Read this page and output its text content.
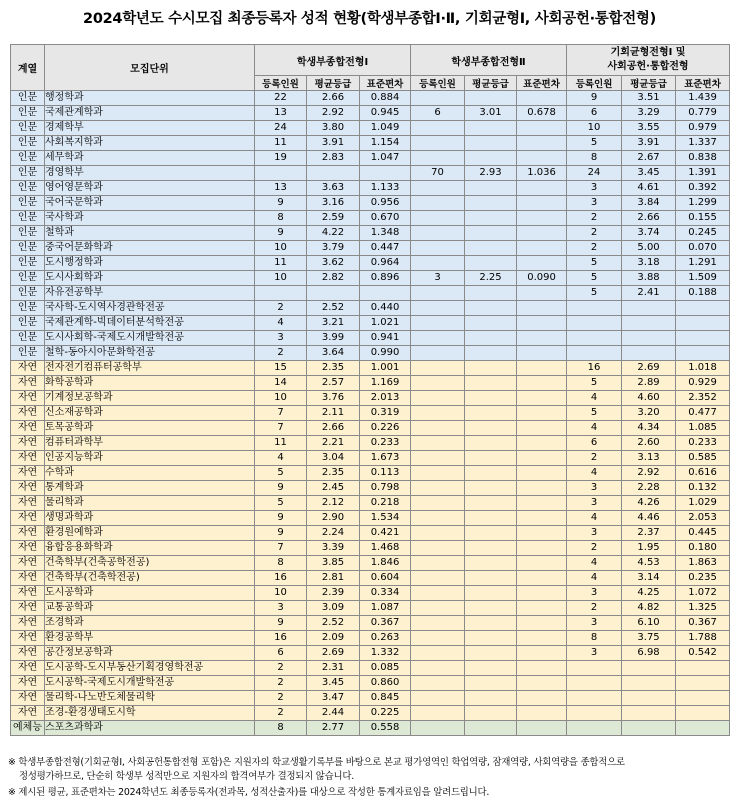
2024학년도 수시모집 최종등록자 성적 현황(학생부종합Ⅰ·Ⅱ, 기회균형Ⅰ, 사회공헌·통합전형)
계열	모집단위	학생부종합전형Ⅰ			학생부종합전형Ⅱ			기회균형전형Ⅰ 및
사회공헌·통합전형		

		등록인원	평균등급	표준편차	등록인원	평균등급	표준편차	등록인원	평균등급	표준편차
인문	행정학과	22	2.66	0.884				9	3.51	1.439
인문	국제관계학과	13	2.92	0.945	6	3.01	0.678	6	3.29	0.779
인문	경제학부	24	3.80	1.049				10	3.55	0.979
인문	사회복지학과	11	3.91	1.154				5	3.91	1.337
인문	세무학과	19	2.83	1.047				8	2.67	0.838
인문	경영학부				70	2.93	1.036	24	3.45	1.391
인문	영어영문학과	13	3.63	1.133				3	4.61	0.392
인문	국어국문학과	9	3.16	0.956				3	3.84	1.299
인문	국사학과	8	2.59	0.670				2	2.66	0.155
인문	철학과	9	4.22	1.348				2	3.74	0.245
인문	중국어문화학과	10	3.79	0.447				2	5.00	0.070
인문	도시행정학과	11	3.62	0.964				5	3.18	1.291
인문	도시사회학과	10	2.82	0.896	3	2.25	0.090	5	3.88	1.509
인문	자유전공학부							5	2.41	0.188
인문	국사학-도시역사경관학전공	2	2.52	0.440						
인문	국제관계학-빅데이터분석학전공	4	3.21	1.021						
인문	도시사회학-국제도시개발학전공	3	3.99	0.941						
인문	철학-동아시아문화학전공	2	3.64	0.990						
자연	전자전기컴퓨터공학부	15	2.35	1.001				16	2.69	1.018
자연	화학공학과	14	2.57	1.169				5	2.89	0.929
자연	기계정보공학과	10	3.76	2.013				4	4.60	2.352
자연	신소재공학과	7	2.11	0.319				5	3.20	0.477
자연	토목공학과	7	2.66	0.226				4	4.34	1.085
자연	컴퓨터과학부	11	2.21	0.233				6	2.60	0.233
자연	인공지능학과	4	3.04	1.673				2	3.13	0.585
자연	수학과	5	2.35	0.113				4	2.92	0.616
자연	통계학과	9	2.45	0.798				3	2.28	0.132
자연	물리학과	5	2.12	0.218				3	4.26	1.029
자연	생명과학과	9	2.90	1.534				4	4.46	2.053
자연	환경원예학과	9	2.24	0.421				3	2.37	0.445
자연	융합응용화학과	7	3.39	1.468				2	1.95	0.180
자연	건축학부(건축공학전공)	8	3.85	1.846				4	4.53	1.863
자연	건축학부(건축학전공)	16	2.81	0.604				4	3.14	0.235
자연	도시공학과	10	2.39	0.334				3	4.25	1.072
자연	교통공학과	3	3.09	1.087				2	4.82	1.325
자연	조경학과	9	2.52	0.367				3	6.10	0.367
자연	환경공학부	16	2.09	0.263				8	3.75	1.788
자연	공간정보공학과	6	2.69	1.332				3	6.98	0.542
자연	도시공학-도시부동산기획경영학전공	2	2.31	0.085						
자연	도시공학-국제도시개발학전공	2	3.45	0.860						
자연	물리학-나노반도체물리학	2	3.47	0.845						
자연	조경-환경생태도시학	2	2.44	0.225						
예체능	스포츠과학과	8	2.77	0.558						

※ 학생부종합전형(기회균형Ⅰ, 사회공헌통합전형 포함)은 지원자의 학교생활기록부를 바탕으로 본교 평가영역인 학업역량, 잠재역량, 사회역량을 종합적으로
정성평가하므로, 단순히 학생부 성적만으로 지원자의 합격여부가 결정되지 않습니다.

※ 제시된 평균, 표준편차는 2024학년도 최종등록자(전과목, 성적산출자)를 대상으로 작성한 통계자료임을 알려드립니다.
